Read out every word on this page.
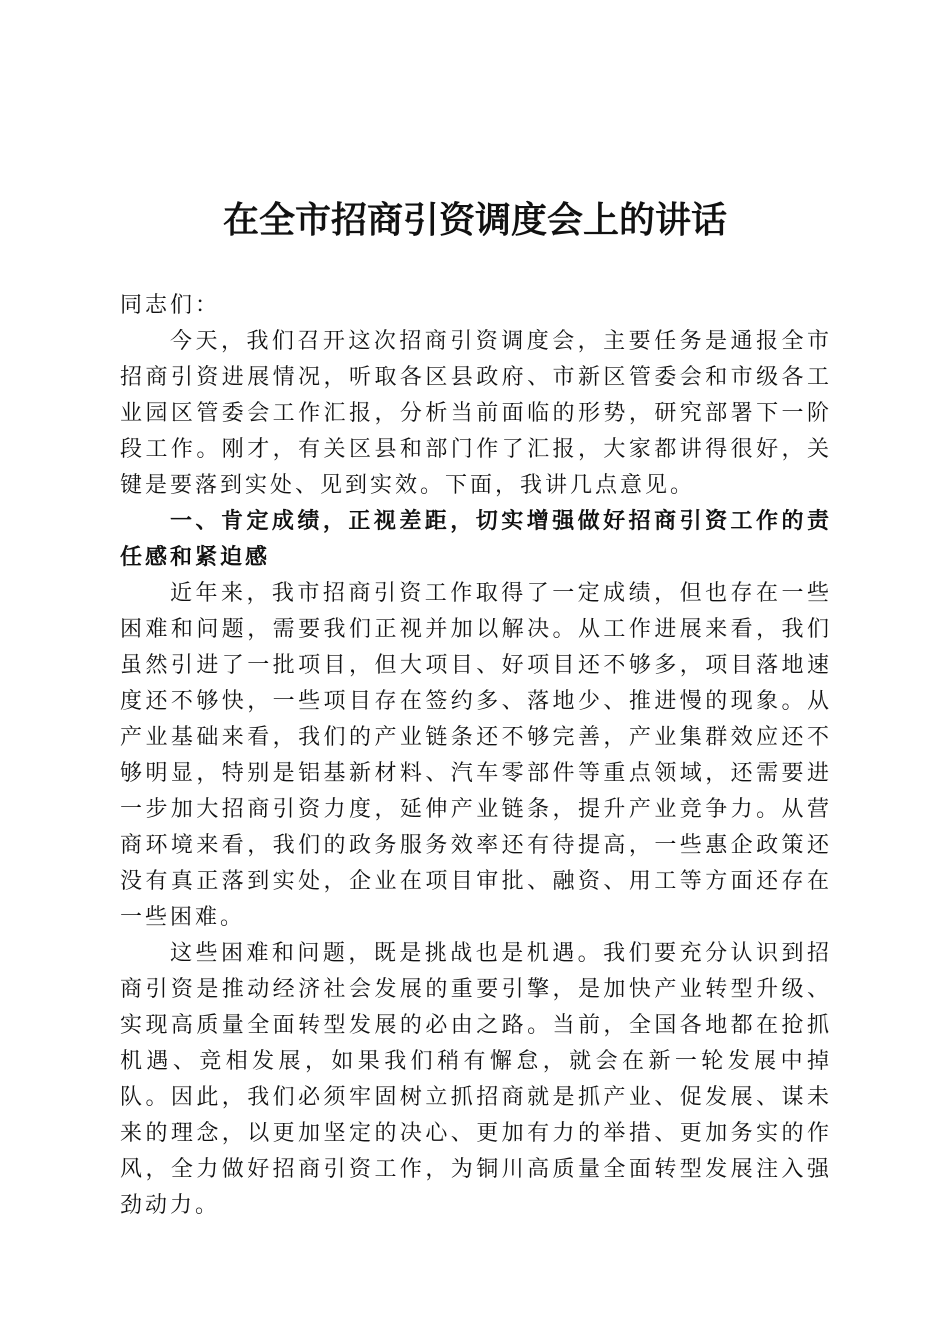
在全市招商引资调度会上的讲话

同志们：

今天，我们召开这次招商引资调度会，主要任务是通报全市招商引资进展情况，听取各区县政府、市新区管委会和市级各工业园区管委会工作汇报，分析当前面临的形势，研究部署下一阶段工作。刚才，有关区县和部门作了汇报，大家都讲得很好，关键是要落到实处、见到实效。下面，我讲几点意见。

一、肯定成绩，正视差距，切实增强做好招商引资工作的责任感和紧迫感

近年来，我市招商引资工作取得了一定成绩，但也存在一些困难和问题，需要我们正视并加以解决。从工作进展来看，我们虽然引进了一批项目，但大项目、好项目还不够多，项目落地速度还不够快，一些项目存在签约多、落地少、推进慢的现象。从产业基础来看，我们的产业链条还不够完善，产业集群效应还不够明显，特别是铝基新材料、汽车零部件等重点领域，还需要进一步加大招商引资力度，延伸产业链条，提升产业竞争力。从营商环境来看，我们的政务服务效率还有待提高，一些惠企政策还没有真正落到实处，企业在项目审批、融资、用工等方面还存在一些困难。

这些困难和问题，既是挑战也是机遇。我们要充分认识到招商引资是推动经济社会发展的重要引擎，是加快产业转型升级、实现高质量全面转型发展的必由之路。当前，全国各地都在抢抓机遇、竞相发展，如果我们稍有懈怠，就会在新一轮发展中掉队。因此，我们必须牢固树立抓招商就是抓产业、促发展、谋未来的理念，以更加坚定的决心、更加有力的举措、更加务实的作风，全力做好招商引资工作，为铜川高质量全面转型发展注入强劲动力。
